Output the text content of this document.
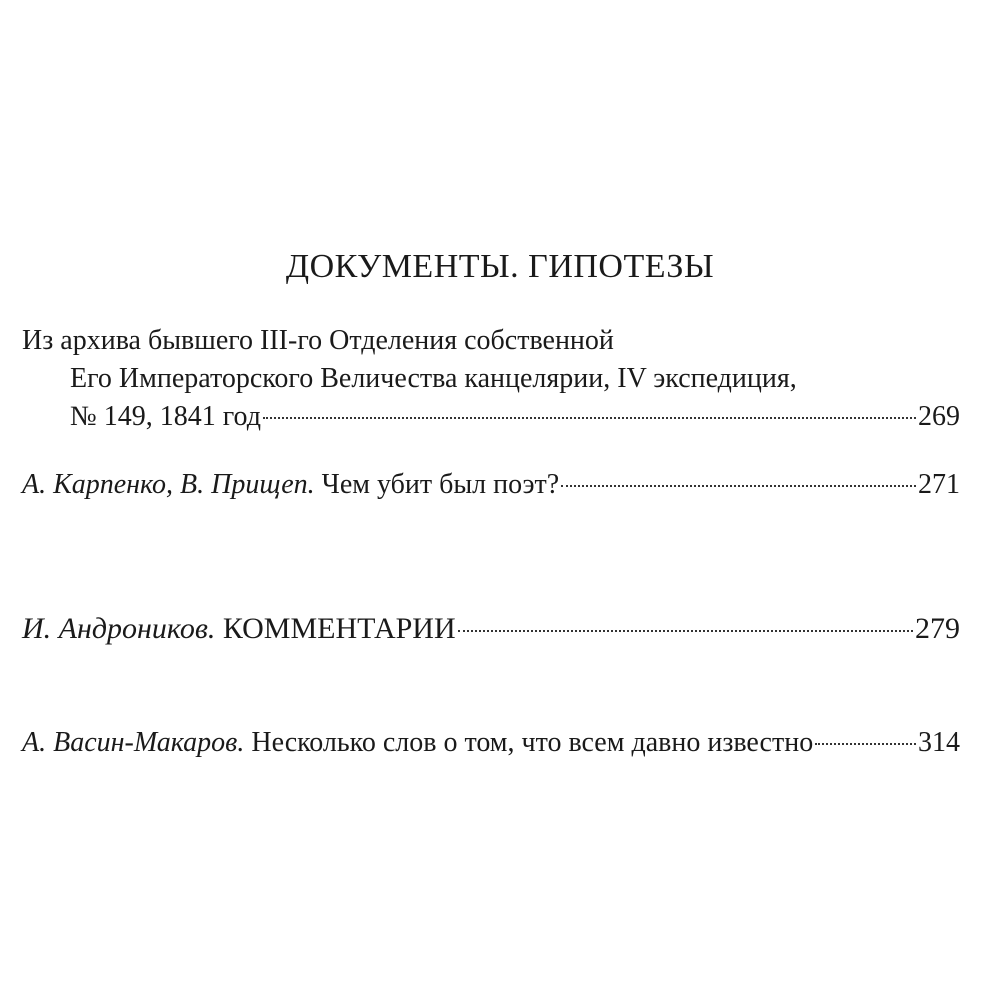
ДОКУМЕНТЫ. ГИПОТЕЗЫ
Из архива бывшего III-го Отделения собственной
Его Императорского Величества канцелярии, IV экспедиция,
№ 149, 1841 год	269
А. Карпенко, В. Прищеп.
Чем убит был поэт?	271
И. Андроников.
КОММЕНТАРИИ	279
А. Васин-Макаров.
Несколько слов о том, что всем давно известно	314
